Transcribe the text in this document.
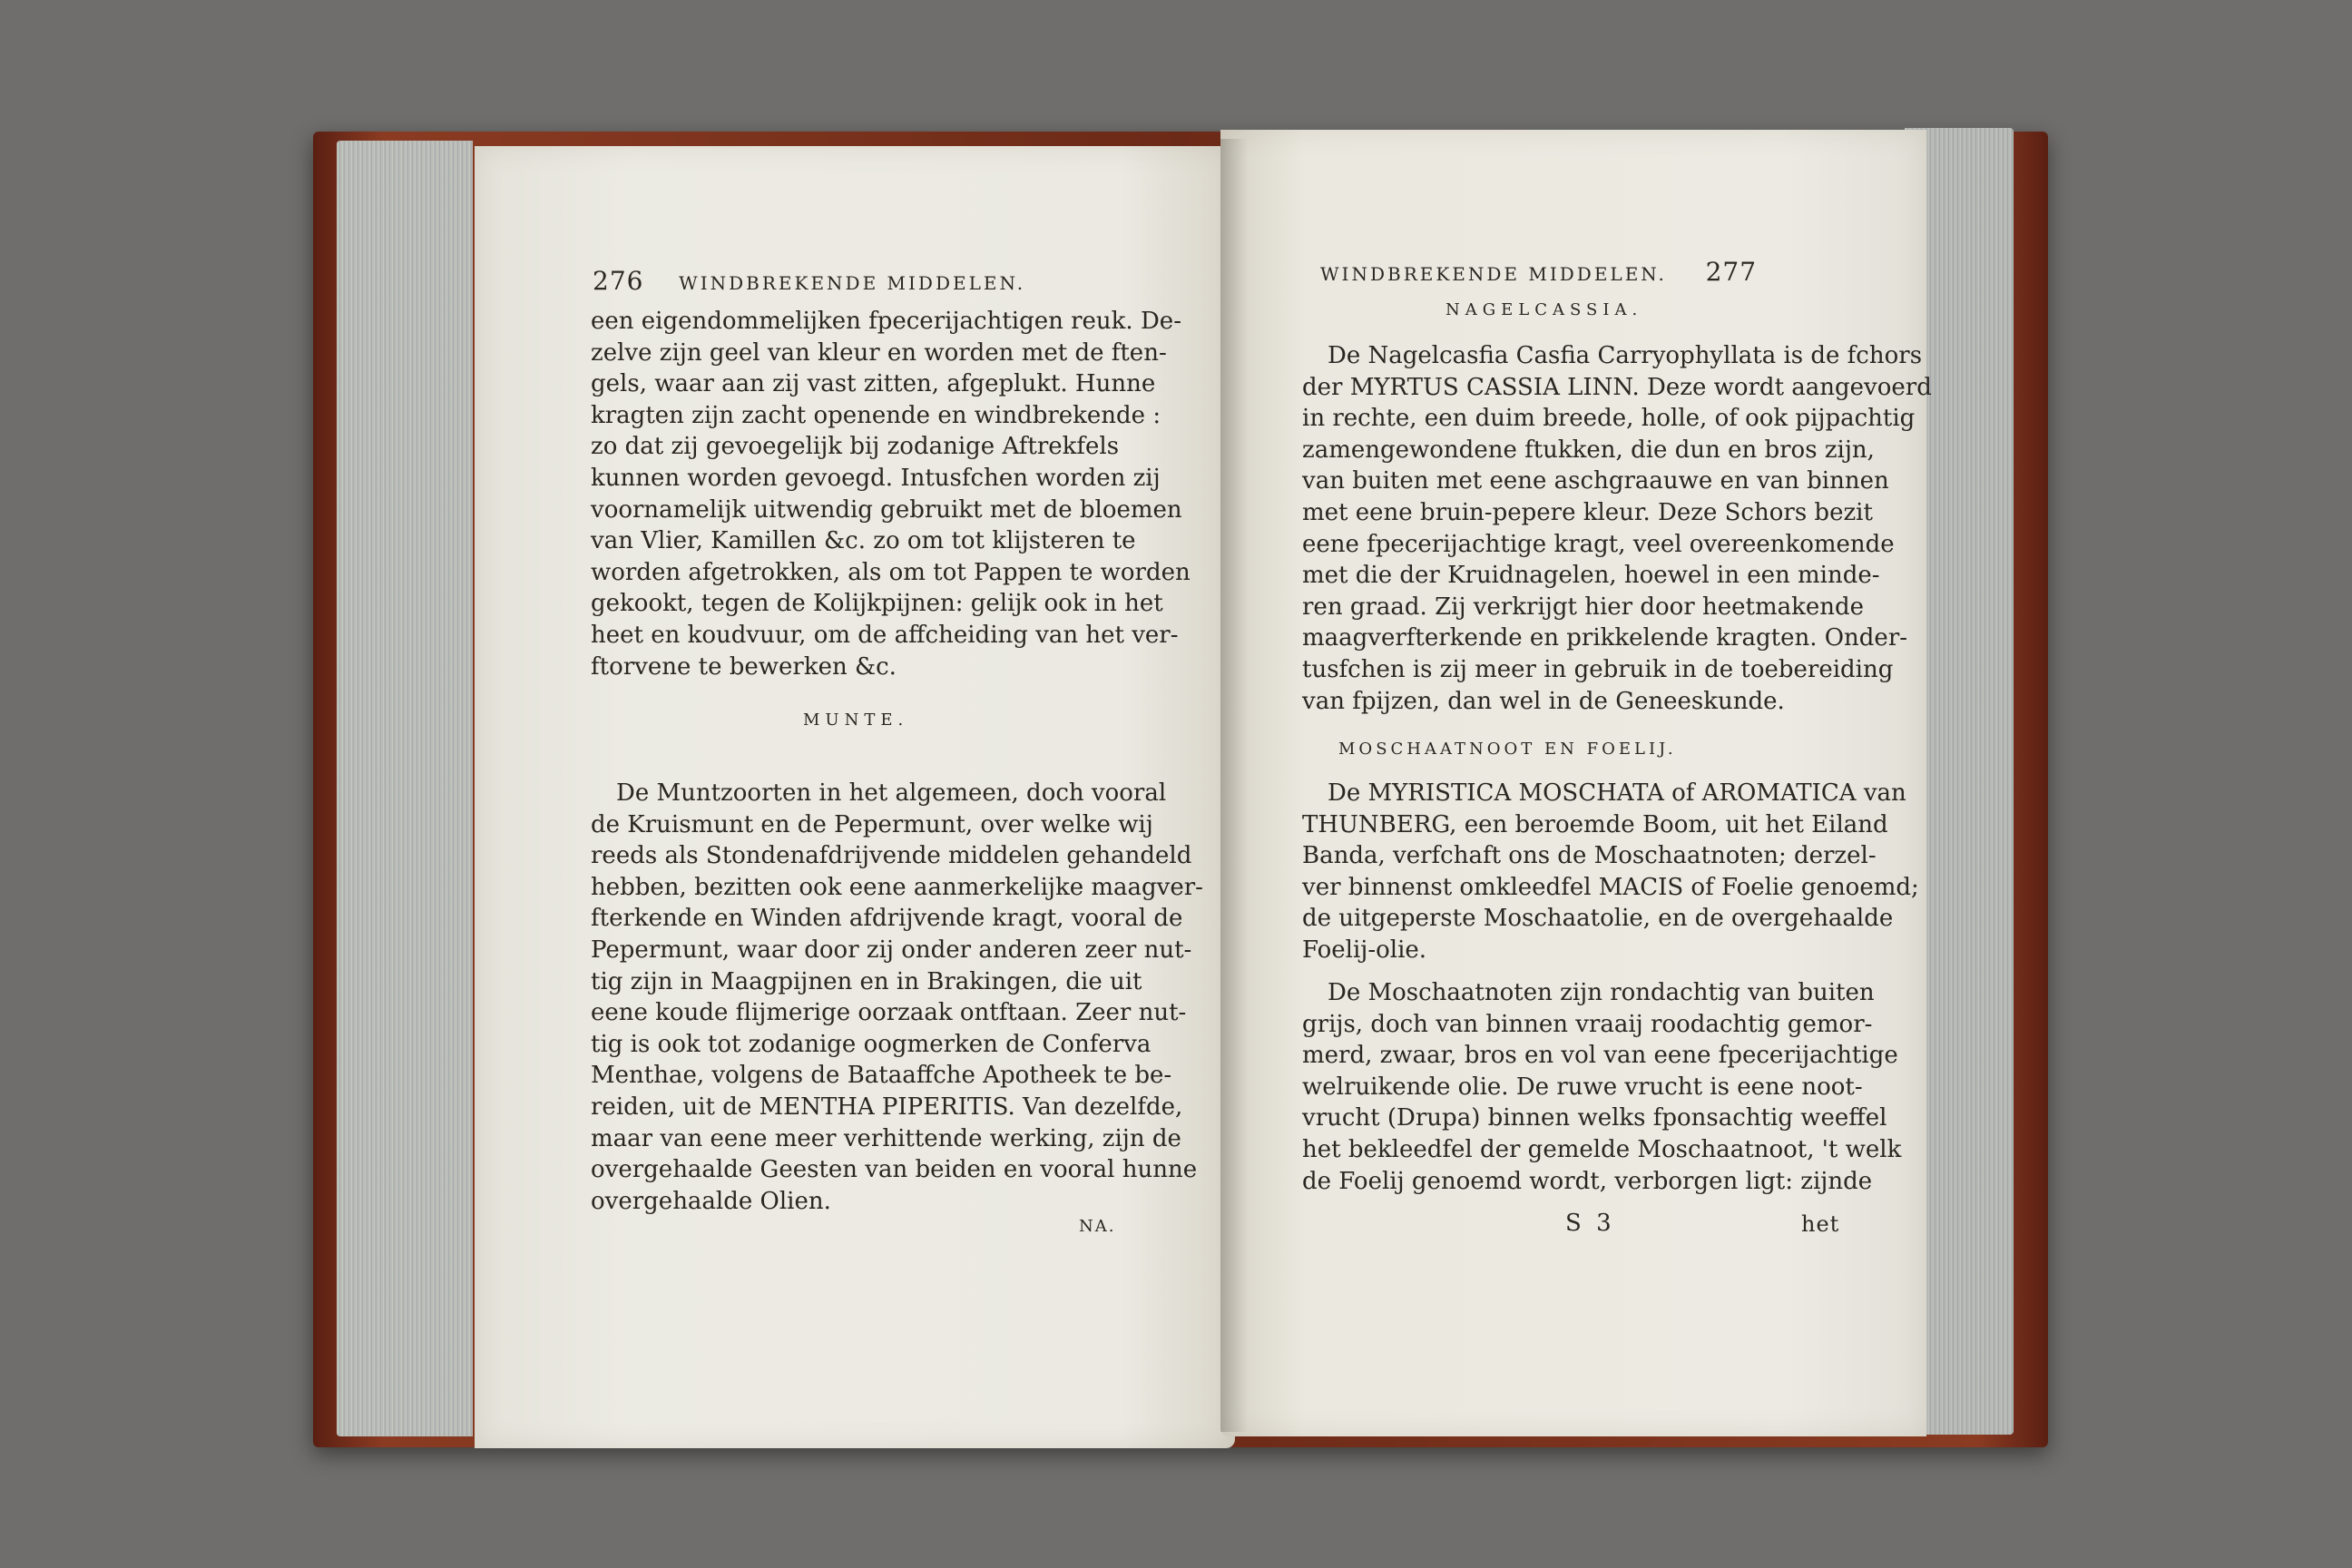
276 WINDBREKENDE MIDDELEN.
een eigendommelijken fpecerijachtigen reuk. De-
zelve zijn geel van kleur en worden met de ften-
gels, waar aan zij vast zitten, afgeplukt. Hunne
kragten zijn zacht openende en windbrekende :
zo dat zij gevoegelijk bij zodanige Aftrekfels
kunnen worden gevoegd. Intusfchen worden zij
voornamelijk uitwendig gebruikt met de bloemen
van Vlier, Kamillen &c. zo om tot klijsteren te
worden afgetrokken, als om tot Pappen te worden
gekookt, tegen de Kolijkpijnen: gelijk ook in het
heet en koudvuur, om de affcheiding van het ver-
ftorvene te bewerken &c.
MUNTE.
De Muntzoorten in het algemeen, doch vooral
de Kruismunt en de Pepermunt, over welke wij
reeds als Stondenafdrijvende middelen gehandeld
hebben, bezitten ook eene aanmerkelijke maagver-
fterkende en Winden afdrijvende kragt, vooral de
Pepermunt, waar door zij onder anderen zeer nut-
tig zijn in Maagpijnen en in Brakingen, die uit
eene koude flijmerige oorzaak ontftaan. Zeer nut-
tig is ook tot zodanige oogmerken de Conferva
Menthae, volgens de Bataaffche Apotheek te be-
reiden, uit de MENTHA PIPERITIS. Van dezelfde,
maar van eene meer verhittende werking, zijn de
overgehaalde Geesten van beiden en vooral hunne
overgehaalde Olien.
NA.
WINDBREKENDE MIDDELEN. 277
NAGELCASSIA.
De Nagelcasfia Casfia Carryophyllata is de fchors
der MYRTUS CASSIA LINN. Deze wordt aangevoerd
in rechte, een duim breede, holle, of ook pijpachtig
zamengewondene ftukken, die dun en bros zijn,
van buiten met eene aschgraauwe en van binnen
met eene bruin-pepere kleur. Deze Schors bezit
eene fpecerijachtige kragt, veel overeenkomende
met die der Kruidnagelen, hoewel in een minde-
ren graad. Zij verkrijgt hier door heetmakende
maagverfterkende en prikkelende kragten. Onder-
tusfchen is zij meer in gebruik in de toebereiding
van fpijzen, dan wel in de Geneeskunde.
MOSCHAATNOOT EN FOELIJ.
De MYRISTICA MOSCHATA of AROMATICA van
THUNBERG, een beroemde Boom, uit het Eiland
Banda, verfchaft ons de Moschaatnoten; derzel-
ver binnenst omkleedfel MACIS of Foelie genoemd;
de uitgeperste Moschaatolie, en de overgehaalde
Foelij-olie.
De Moschaatnoten zijn rondachtig van buiten
grijs, doch van binnen vraaij roodachtig gemor-
merd, zwaar, bros en vol van eene fpecerijachtige
welruikende olie. De ruwe vrucht is eene noot-
vrucht (Drupa) binnen welks fponsachtig weeffel
het bekleedfel der gemelde Moschaatnoot, 't welk
de Foelij genoemd wordt, verborgen ligt: zijnde
S 3	het
